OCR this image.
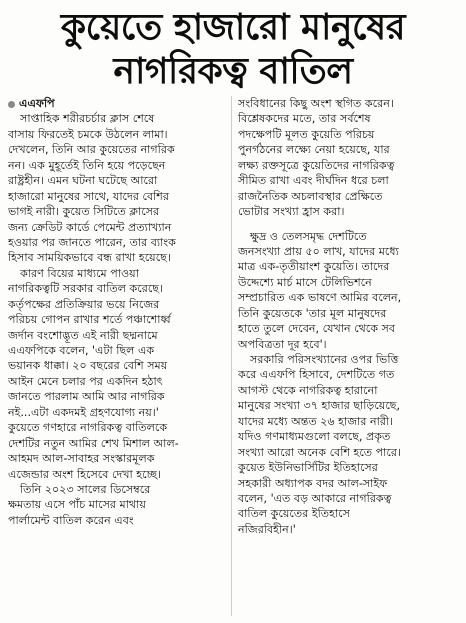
কুয়েতে হাজারো মানুষের
নাগরিকত্ব বাতিল
এএফপি
সাপ্তাহিক শরীরচর্চার ক্লাস শেষে
বাসায় ফিরতেই চমকে উঠলেন লামা।
দেখলেন, তিনি আর কুয়েতের নাগরিক
নন। এক মুহূর্তেই তিনি হয়ে পড়েছেন
রাষ্ট্রহীন। এমন ঘটনা ঘটেছে আরো
হাজারো মানুষের সাথে, যাদের বেশির
ভাগই নারী। কুয়েত সিটিতে ক্লাসের
জন্য ক্রেডিট কার্ডে পেমেন্ট প্রত্যাখ্যান
হওয়ার পর জানতে পারেন, তার ব্যাংক
হিসাব সাময়িকভাবে বন্ধ রাখা হয়েছে।
কারণ বিয়ের মাধ্যমে পাওয়া
নাগরিকত্বটি সরকার বাতিল করেছে।
কর্তৃপক্ষের প্রতিক্রিয়ার ভয়ে নিজের
পরিচয় গোপন রাখার শর্তে পঞ্চাশোর্ধ্ব
জর্দান বংশোদ্ভূত এই নারী ছদ্মনামে
এএফপিকে বলেন, 'এটা ছিল এক
ভয়ানক ধাক্কা। ২০ বছরের বেশি সময়
আইন মেনে চলার পর একদিন হঠাৎ
জানতে পারলাম আমি আর নাগরিক
নই...এটা একদমই গ্রহণযোগ্য নয়।'
কুয়েতে গণহারে নাগরিকত্ব বাতিলকে
দেশটির নতুন আমির শেখ মিশাল আল-
আহমদ আল-সাবাহর সংস্কারমূলক
এজেন্ডার অংশ হিসেবে দেখা হচ্ছে।
তিনি ২০২৩ সালের ডিসেম্বরে
ক্ষমতায় এসে পাঁচ মাসের মাথায়
পার্লামেন্ট বাতিল করেন এবং
সংবিধানের কিছু অংশ স্থগিত করেন।
বিশ্লেষকদের মতে, তার সর্বশেষ
পদক্ষেপটি মূলত কুয়েতি পরিচয়
পুনর্গঠনের লক্ষ্যে নেয়া হয়েছে, যার
লক্ষ্য রক্তসূত্রে কুয়েতিদের নাগরিকত্ব
সীমিত রাখা এবং দীর্ঘদিন ধরে চলা
রাজনৈতিক অচলাবস্থার প্রেক্ষিতে
ভোটার সংখ্যা হ্রাস করা।
ক্ষুদ্র ও তেলসমৃদ্ধ দেশটিতে
জনসংখ্যা প্রায় ৫০ লাখ, যাদের মধ্যে
মাত্র এক-তৃতীয়াংশ কুয়েতি। তাদের
উদ্দেশ্যে মার্চ মাসে টেলিভিশনে
সম্প্রচারিত এক ভাষণে আমির বলেন,
তিনি কুয়েতকে 'তার মূল মানুষদের
হাতে তুলে দেবেন, যেখান থেকে সব
অপবিত্রতা দূর হবে'।
সরকারি পরিসংখ্যানের ওপর ভিত্তি
করে এএফপি হিসাবে, দেশটিতে গত
আগস্ট থেকে নাগরিকত্ব হারানো
মানুষের সংখ্যা ৩৭ হাজার ছাড়িয়েছে,
যাদের মধ্যে অন্তত ২৬ হাজার নারী।
যদিও গণমাধ্যমগুলো বলছে, প্রকৃত
সংখ্যা আরো অনেক বেশি হতে পারে।
কুয়েত ইউনিভার্সিটির ইতিহাসের
সহকারী অধ্যাপক বদর আল-সাইফ
বলেন, 'এত বড় আকারে নাগরিকত্ব
বাতিল কুয়েতের ইতিহাসে
নজিরবিহীন।'
